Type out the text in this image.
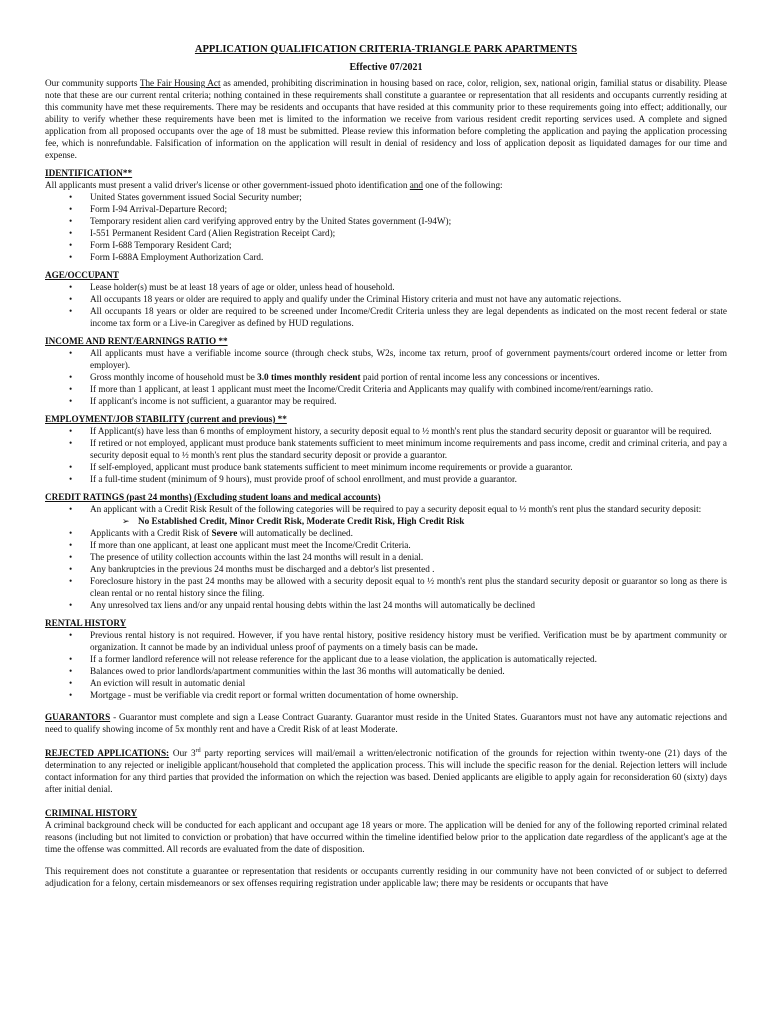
APPLICATION QUALIFICATION CRITERIA-TRIANGLE PARK APARTMENTS
Effective 07/2021

Our community supports The Fair Housing Act as amended, prohibiting discrimination in housing based on race, color, religion, sex, national origin, familial status or disability. Please note that these are our current rental criteria; nothing contained in these requirements shall constitute a guarantee or representation that all residents and occupants currently residing at this community have met these requirements. There may be residents and occupants that have resided at this community prior to these requirements going into effect; additionally, our ability to verify whether these requirements have been met is limited to the information we receive from various resident credit reporting services used. A complete and signed application from all proposed occupants over the age of 18 must be submitted. Please review this information before completing the application and paying the application processing fee, which is nonrefundable. Falsification of information on the application will result in denial of residency and loss of application deposit as liquidated damages for our time and expense.

IDENTIFICATION**

All applicants must present a valid driver's license or other government-issued photo identification and one of the following:

• United States government issued Social Security number;
• Form I-94 Arrival-Departure Record;
• Temporary resident alien card verifying approved entry by the United States government (I-94W);
• I-551 Permanent Resident Card (Alien Registration Receipt Card);
• Form I-688 Temporary Resident Card;
• Form I-688A Employment Authorization Card.
AGE/OCCUPANT
• Lease holder(s) must be at least 18 years of age or older, unless head of household.
• All occupants 18 years or older are required to apply and qualify under the Criminal History criteria and must not have any automatic rejections.
• All occupants 18 years or older are required to be screened under Income/Credit Criteria unless they are legal dependents as indicated on the most recent federal or state income tax form or a Live-in Caregiver as defined by HUD regulations.
INCOME AND RENT/EARNINGS RATIO **
• All applicants must have a verifiable income source (through check stubs, W2s, income tax return, proof of government payments/court ordered income or letter from employer).
• Gross monthly income of household must be 3.0 times monthly resident paid portion of rental income less any concessions or incentives.
• If more than 1 applicant, at least 1 applicant must meet the Income/Credit Criteria and Applicants may qualify with combined income/rent/earnings ratio.
• If applicant's income is not sufficient, a guarantor may be required.
EMPLOYMENT/JOB STABILITY (current and previous) **
• If Applicant(s) have less than 6 months of employment history, a security deposit equal to ½ month's rent plus the standard security deposit or guarantor will be required.
• If retired or not employed, applicant must produce bank statements sufficient to meet minimum income requirements and pass income, credit and criminal criteria, and pay a security deposit equal to ½ month's rent plus the standard security deposit or provide a guarantor.
• If self-employed, applicant must produce bank statements sufficient to meet minimum income requirements or provide a guarantor.
• If a full-time student (minimum of 9 hours), must provide proof of school enrollment, and must provide a guarantor.
CREDIT RATINGS (past 24 months) (Excluding student loans and medical accounts)
• An applicant with a Credit Risk Result of the following categories will be required to pay a security deposit equal to ½ month's rent plus the standard security deposit:
➢ No Established Credit, Minor Credit Risk, Moderate Credit Risk, High Credit Risk
• Applicants with a Credit Risk of Severe will automatically be declined.
• If more than one applicant, at least one applicant must meet the Income/Credit Criteria.
• The presence of utility collection accounts within the last 24 months will result in a denial.
• Any bankruptcies in the previous 24 months must be discharged and a debtor's list presented .
• Foreclosure history in the past 24 months may be allowed with a security deposit equal to ½ month's rent plus the standard security deposit or guarantor so long as there is clean rental or no rental history since the filing.
• Any unresolved tax liens and/or any unpaid rental housing debts within the last 24 months will automatically be declined
RENTAL HISTORY
• Previous rental history is not required. However, if you have rental history, positive residency history must be verified. Verification must be by apartment community or organization. It cannot be made by an individual unless proof of payments on a timely basis can be made.
• If a former landlord reference will not release reference for the applicant due to a lease violation, the application is automatically rejected.
• Balances owed to prior landlords/apartment communities within the last 36 months will automatically be denied.
• An eviction will result in automatic denial
• Mortgage - must be verifiable via credit report or formal written documentation of home ownership.

GUARANTORS - Guarantor must complete and sign a Lease Contract Guaranty. Guarantor must reside in the United States. Guarantors must not have any automatic rejections and need to qualify showing income of 5x monthly rent and have a Credit Risk of at least Moderate.

REJECTED APPLICATIONS: Our 3rd party reporting services will mail/email a written/electronic notification of the grounds for rejection within twenty-one (21) days of the determination to any rejected or ineligible applicant/household that completed the application process. This will include the specific reason for the denial. Rejection letters will include contact information for any third parties that provided the information on which the rejection was based. Denied applicants are eligible to apply again for reconsideration 60 (sixty) days after initial denial.

CRIMINAL HISTORY

A criminal background check will be conducted for each applicant and occupant age 18 years or more. The application will be denied for any of the following reported criminal related reasons (including but not limited to conviction or probation) that have occurred within the timeline identified below prior to the application date regardless of the applicant's age at the time the offense was committed. All records are evaluated from the date of disposition.

This requirement does not constitute a guarantee or representation that residents or occupants currently residing in our community have not been convicted of or subject to deferred adjudication for a felony, certain misdemeanors or sex offenses requiring registration under applicable law; there may be residents or occupants that have
